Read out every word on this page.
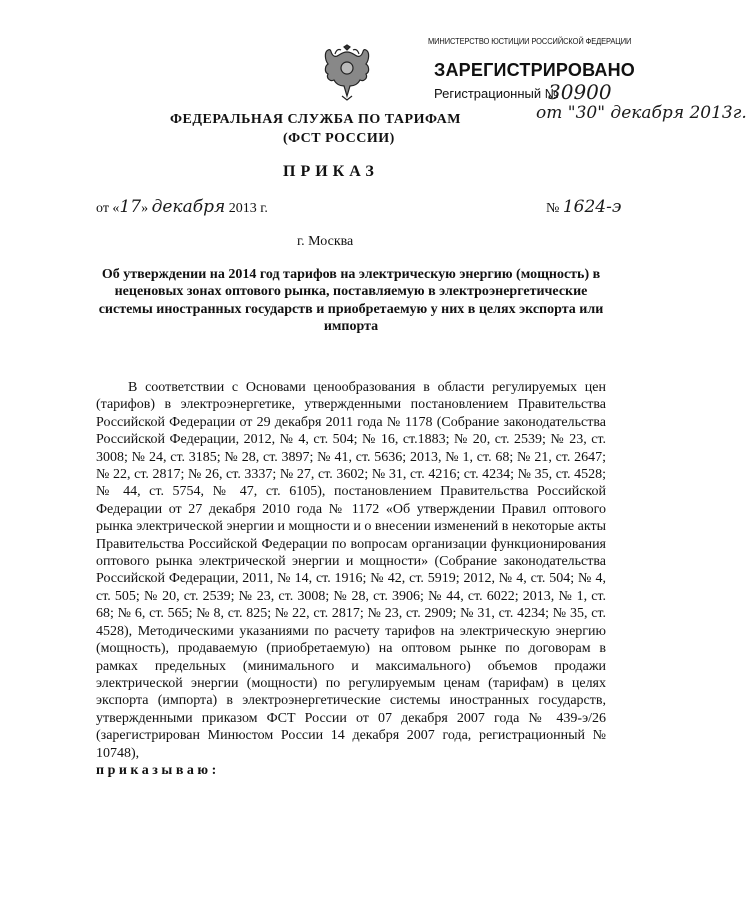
МИНИСТЕРСТВО ЮСТИЦИИ РОССИЙСКОЙ ФЕДЕРАЦИИ
ЗАРЕГИСТРИРОВАНО
Регистрационный №
30900
от "30" декабря 2013г.
ФЕДЕРАЛЬНАЯ СЛУЖБА ПО ТАРИФАМ
(ФСТ РОССИИ)
ПРИКАЗ
от «17» декабря 2013 г.	№ 1624-э
г. Москва
Об утверждении на 2014 год тарифов на электрическую энергию (мощность) в неценовых зонах оптового рынка, поставляемую в электроэнергетические системы иностранных государств и приобретаемую у них в целях экспорта или импорта
В соответствии с Основами ценообразования в области регулируемых цен (тарифов) в электроэнергетике, утвержденными постановлением Правительства Российской Федерации от 29 декабря 2011 года № 1178 (Собрание законодательства Российской Федерации, 2012, № 4, ст. 504; № 16, ст.1883; № 20, ст. 2539; № 23, ст. 3008; № 24, ст. 3185; № 28, ст. 3897; № 41, ст. 5636; 2013, № 1, ст. 68; № 21, ст. 2647; № 22, ст. 2817; № 26, ст. 3337; № 27, ст. 3602; № 31, ст. 4216; ст. 4234; № 35, ст. 4528; № 44, ст. 5754, № 47, ст. 6105), постановлением Правительства Российской Федерации от 27 декабря 2010 года № 1172 «Об утверждении Правил оптового рынка электрической энергии и мощности и о внесении изменений в некоторые акты Правительства Российской Федерации по вопросам организации функционирования оптового рынка электрической энергии и мощности» (Собрание законодательства Российской Федерации, 2011, № 14, ст. 1916; № 42, ст. 5919; 2012, № 4, ст. 504; № 4, ст. 505; № 20, ст. 2539; № 23, ст. 3008; № 28, ст. 3906; № 44, ст. 6022; 2013, № 1, ст. 68; № 6, ст. 565; № 8, ст. 825; № 22, ст. 2817; № 23, ст. 2909; № 31, ст. 4234; № 35, ст. 4528), Методическими указаниями по расчету тарифов на электрическую энергию (мощность), продаваемую (приобретаемую) на оптовом рынке по договорам в рамках предельных (минимального и максимального) объемов продажи электрической энергии (мощности) по регулируемым ценам (тарифам) в целях экспорта (импорта) в электроэнергетические системы иностранных государств, утвержденными приказом ФСТ России от 07 декабря 2007 года № 439-э/26 (зарегистрирован Минюстом России 14 декабря 2007 года, регистрационный № 10748),
приказываю:
